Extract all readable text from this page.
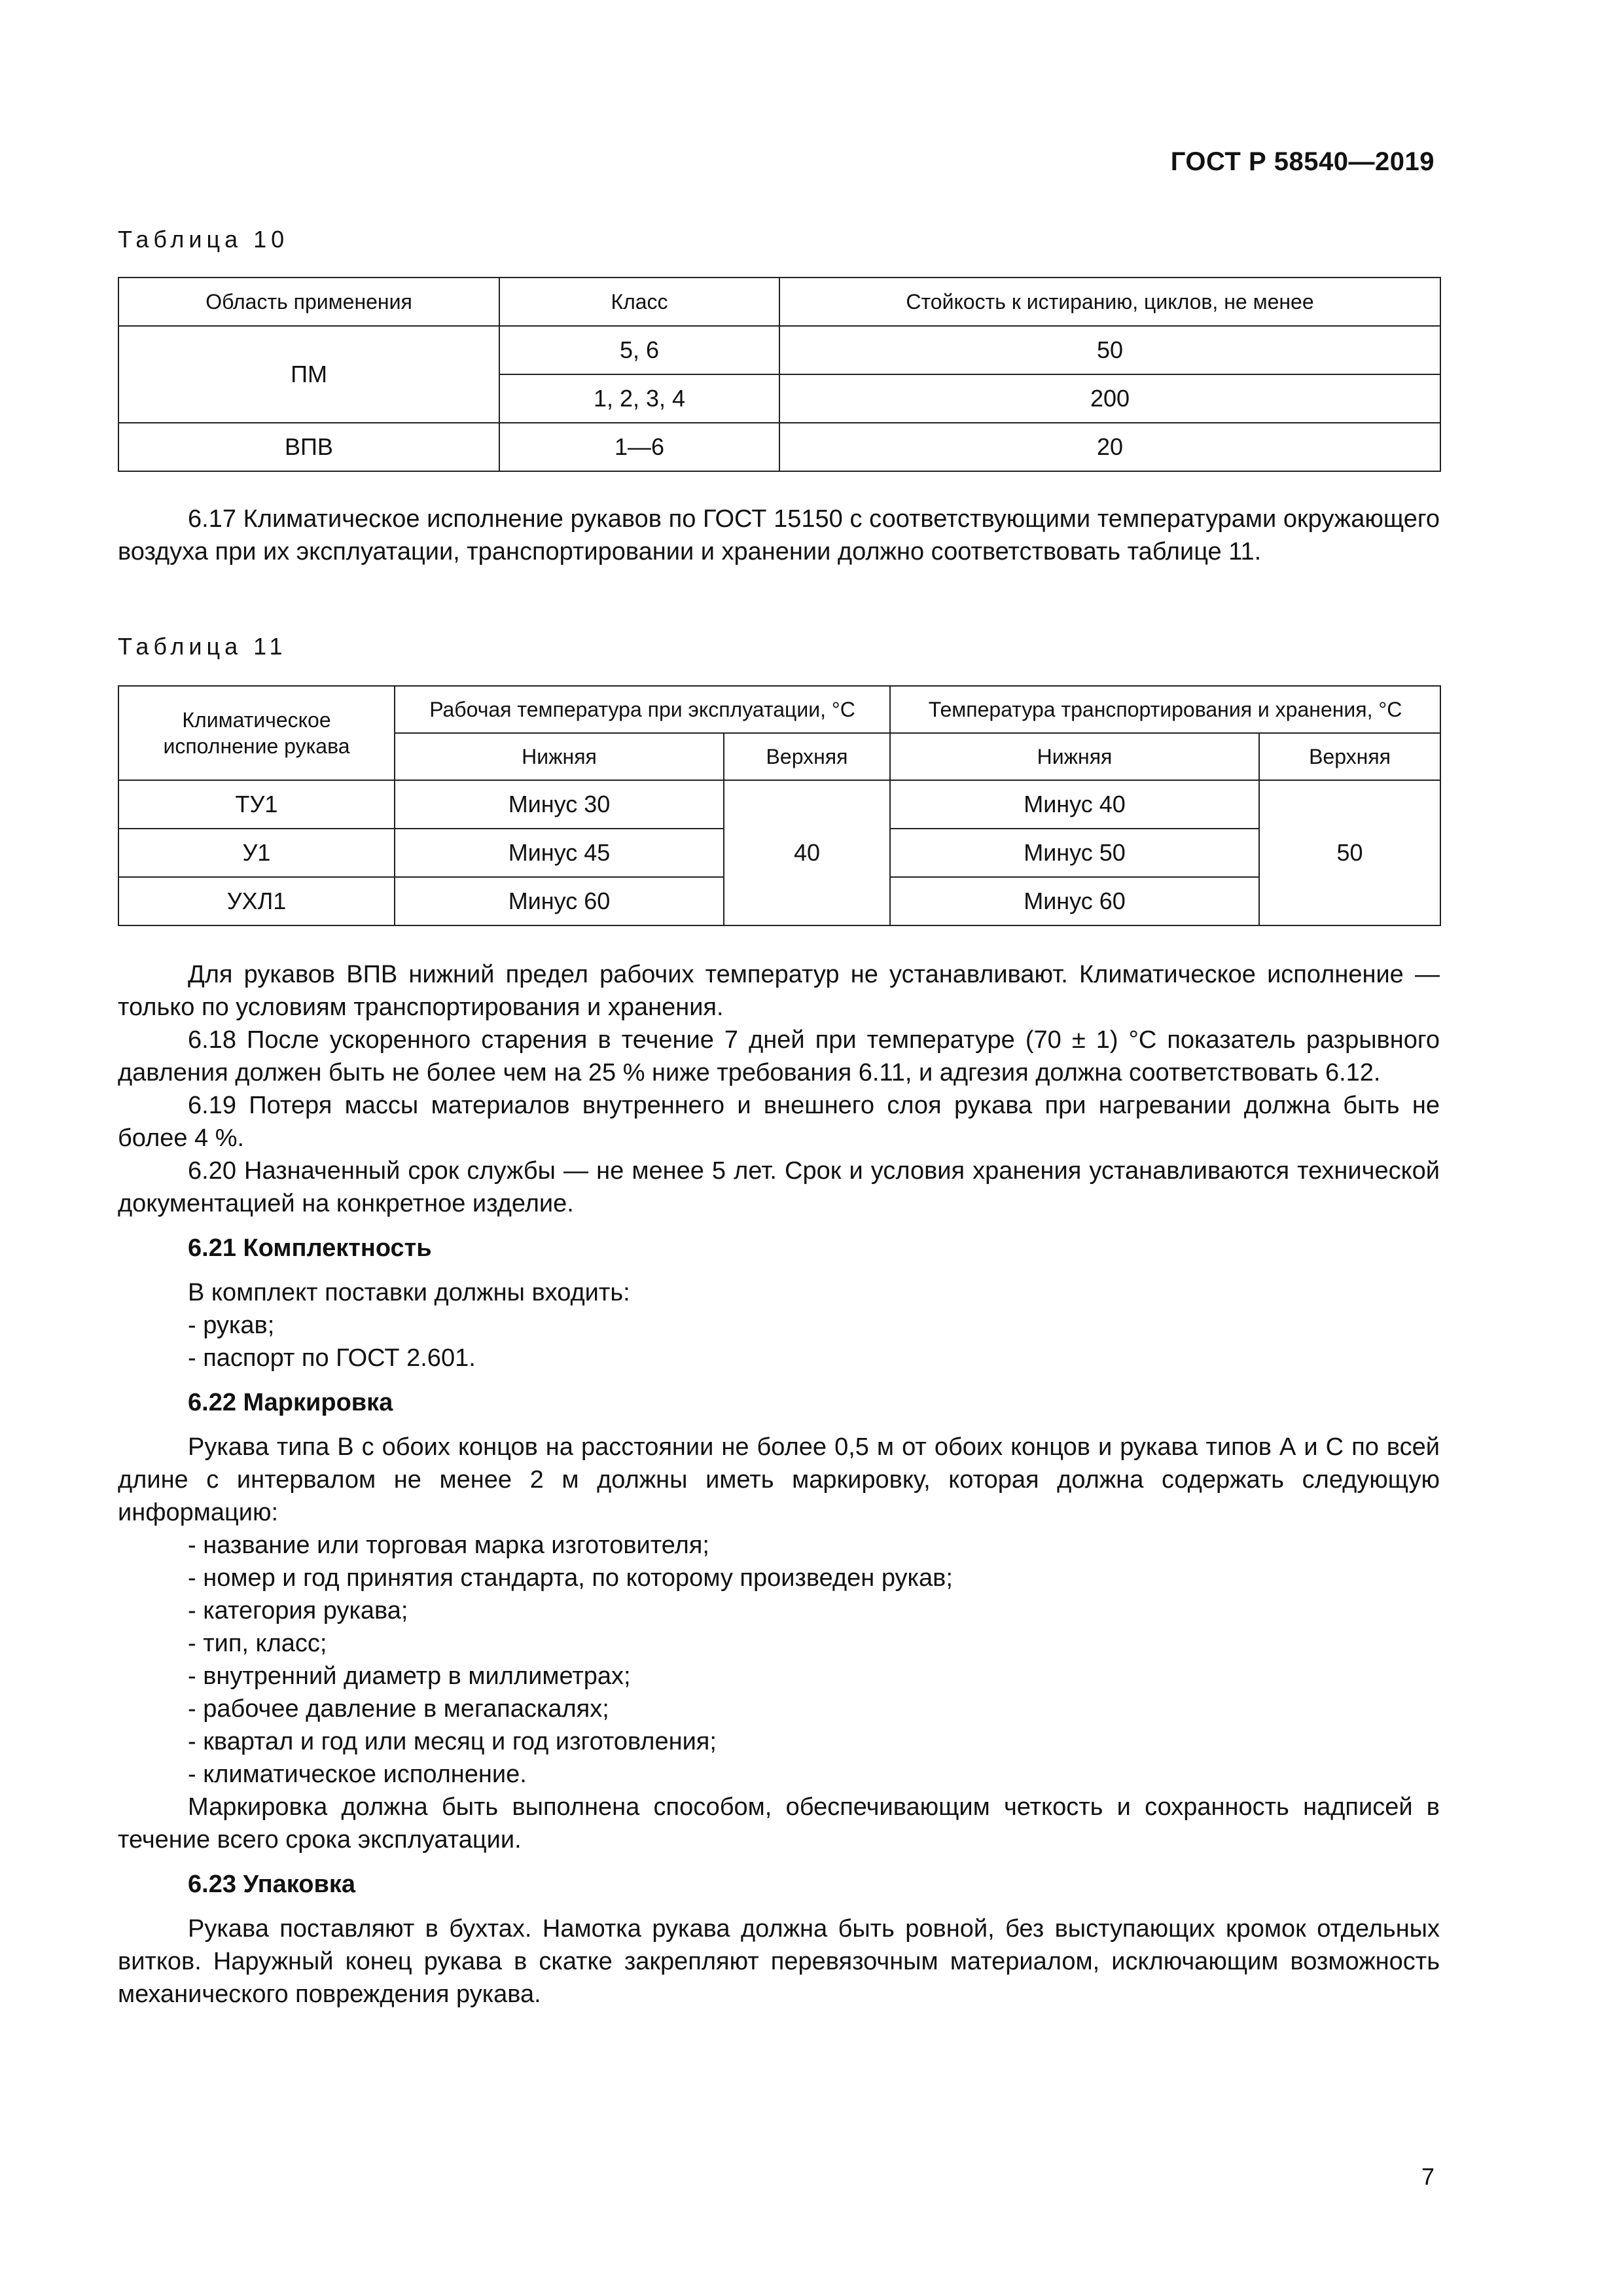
ГОСТ Р 58540—2019
Таблица 10
Область применения	Класс	Стойкость к истиранию, циклов, не менее
ПМ	5, 6	50
	1, 2, 3, 4	200
ВПВ	1—6	20

6.17 Климатическое исполнение рукавов по ГОСТ 15150 с соответствующими температурами окружающего воздуха при их эксплуатации, транспортировании и хранении должно соответствовать таблице 11.

Таблица 11
Климатическое исполнение рукава	Рабочая температура при эксплуатации, °С		Температура транспортирования и хранения, °С	
	Нижняя	Верхняя	Нижняя	Верхняя
ТУ1	Минус 30	40	Минус 40	50
У1	Минус 45		Минус 50	
УХЛ1	Минус 60		Минус 60	

Для рукавов ВПВ нижний предел рабочих температур не устанавливают. Климатическое исполнение — только по условиям транспортирования и хранения.

6.18 После ускоренного старения в течение 7 дней при температуре (70 ± 1) °С показатель разрывного давления должен быть не более чем на 25 % ниже требования 6.11, и адгезия должна соответствовать 6.12.

6.19 Потеря массы материалов внутреннего и внешнего слоя рукава при нагревании должна быть не более 4 %.

6.20 Назначенный срок службы — не менее 5 лет. Срок и условия хранения устанавливаются технической документацией на конкретное изделие.

6.21 Комплектность

В комплект поставки должны входить:

- рукав;

- паспорт по ГОСТ 2.601.

6.22 Маркировка

Рукава типа В с обоих концов на расстоянии не более 0,5 м от обоих концов и рукава типов А и С по всей длине с интервалом не менее 2 м должны иметь маркировку, которая должна содержать следующую информацию:

- название или торговая марка изготовителя;

- номер и год принятия стандарта, по которому произведен рукав;

- категория рукава;

- тип, класс;

- внутренний диаметр в миллиметрах;

- рабочее давление в мегапаскалях;

- квартал и год или месяц и год изготовления;

- климатическое исполнение.

Маркировка должна быть выполнена способом, обеспечивающим четкость и сохранность надписей в течение всего срока эксплуатации.

6.23 Упаковка

Рукава поставляют в бухтах. Намотка рукава должна быть ровной, без выступающих кромок отдельных витков. Наружный конец рукава в скатке закрепляют перевязочным материалом, исключающим возможность механического повреждения рукава.

7
